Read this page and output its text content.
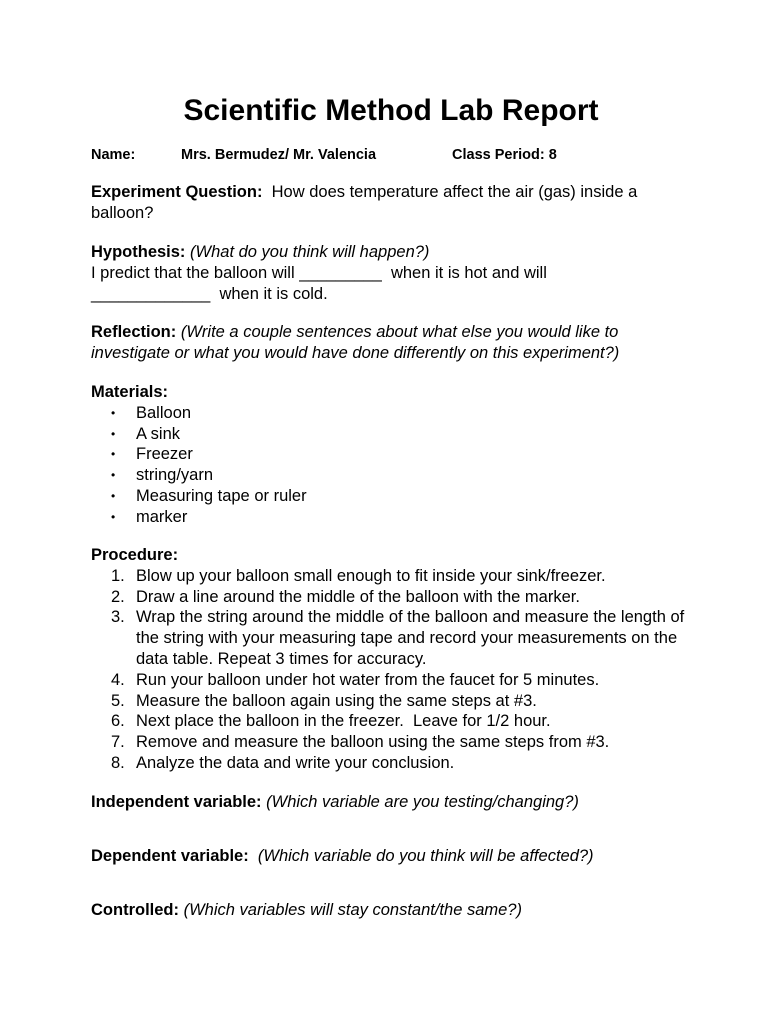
Scientific Method Lab Report
Name:	Mrs. Bermudez/ Mr. Valencia	Class Period: 8

Experiment Question: How does temperature affect the air (gas) inside a balloon?

Hypothesis: (What do you think will happen?)

I predict that the balloon will _________  when it is hot and will

_____________  when it is cold.

Reflection: (Write a couple sentences about what else you would like to investigate or what you would have done differently on this experiment?)

Materials:

• Balloon
• A sink
• Freezer
• string/yarn
• Measuring tape or ruler
• marker

Procedure:

1. Blow up your balloon small enough to fit inside your sink/freezer.
2. Draw a line around the middle of the balloon with the marker.
3. Wrap the string around the middle of the balloon and measure the length of the string with your measuring tape and record your measurements on the data table. Repeat 3 times for accuracy.
4. Run your balloon under hot water from the faucet for 5 minutes.
5. Measure the balloon again using the same steps at #3.
6. Next place the balloon in the freezer.  Leave for 1/2 hour.
7. Remove and measure the balloon using the same steps from #3.
8. Analyze the data and write your conclusion.

Independent variable: (Which variable are you testing/changing?)

Dependent variable: (Which variable do you think will be affected?)

Controlled: (Which variables will stay constant/the same?)
